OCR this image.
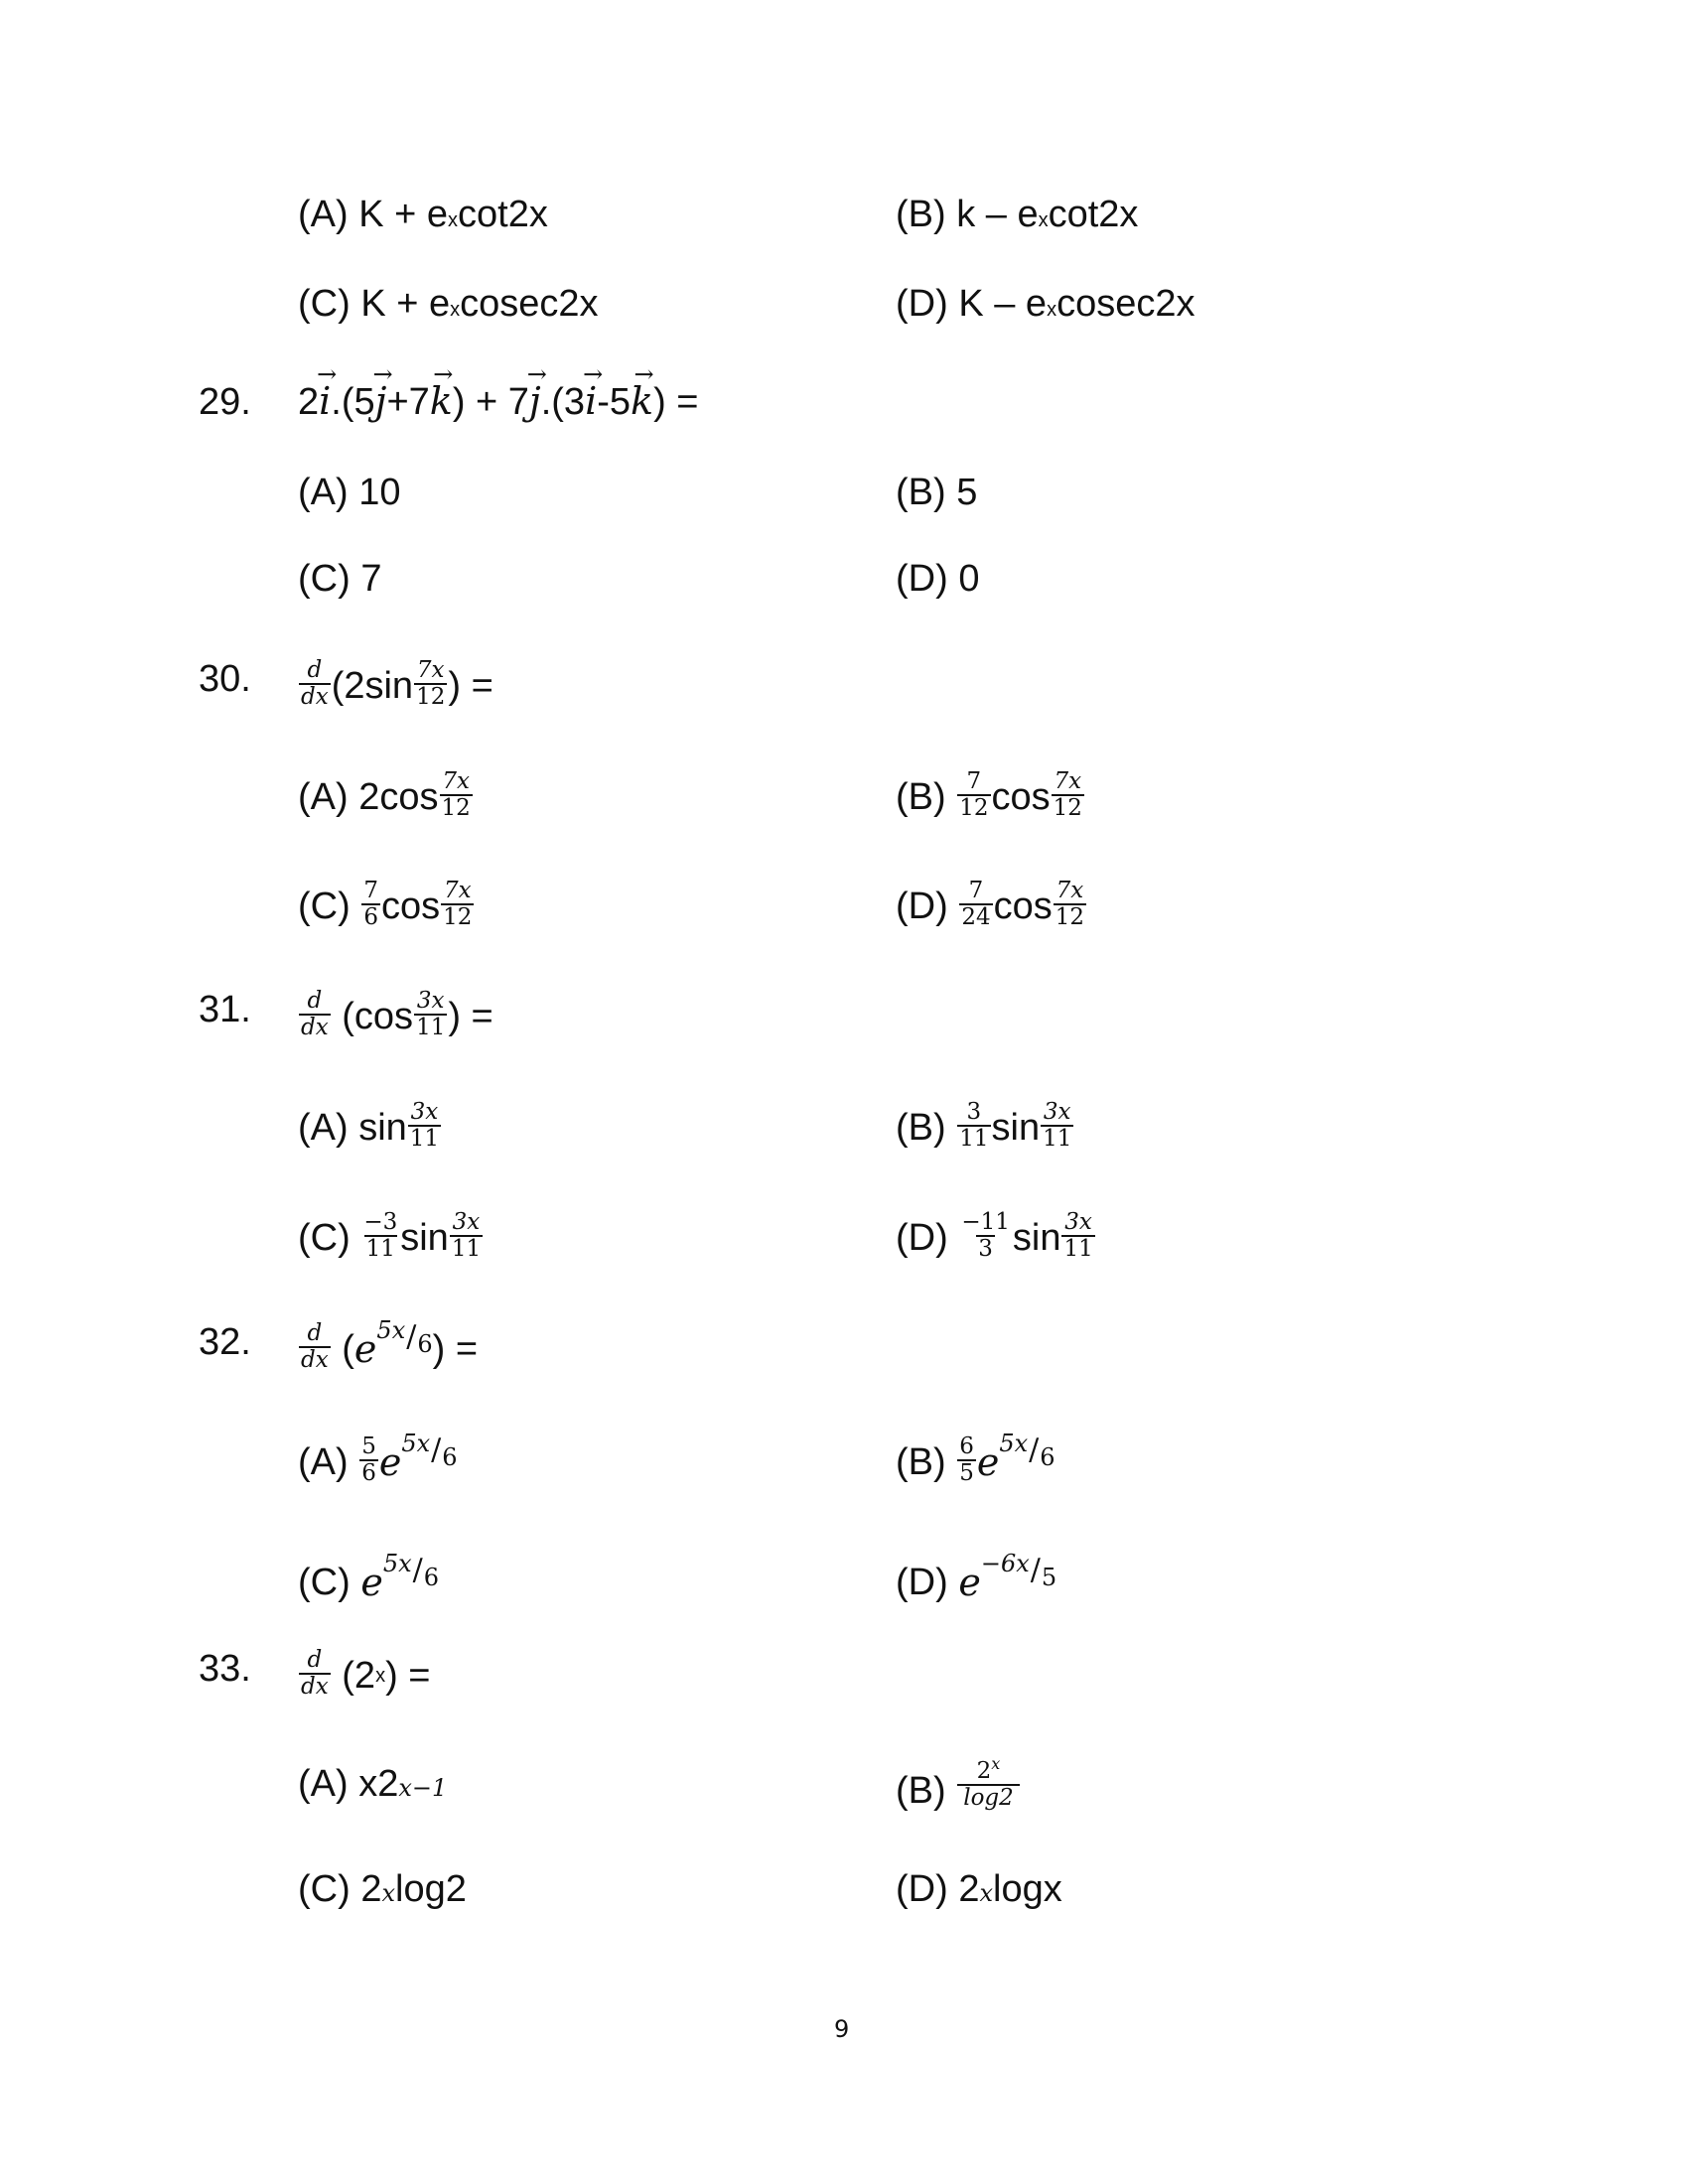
(A)
K + e x cot2x	(B)
k – e x cot2x
(C)
K + e x cosec2x	(D)
K – e x cosec2x
29. 2 → i .(5 → j +7 → k ) + 7 → j .(3 → i -5 → k ) =
(A)
10	(B)
5
(C)
7	(D)
0
30. $\frac{d}{dx} (2\sin \frac{7x}{12}$ ) =
(A)
$2\cos \frac{7x}{12}$	(B)
$\frac{7}{12}$ $\cos \frac{7x}{12}$
(C)
$\frac{7}{6}$ $\cos \frac{7x}{12}$	(D)
$\frac{7}{24}$ $\cos \frac{7x}{12}$
31. $\frac{d}{dx} (\cos \frac{3x}{11}$ ) =
(A)
$\sin \frac{3x}{11}$	(B)
$\frac{3}{11}$ $\sin \frac{3x}{11}$
(C)
$\frac{-3}{11}$ $\sin \frac{3x}{11}$	(D)
$\frac{-11}{3}$ $\sin \frac{3x}{11}$
32. $\frac{d}{dx}$ ( e 5x / 6 ) =
(A)
$\frac{5}{6}$ e 5x / 6	(B)
$\frac{6}{5}$ e 5x / 6
(C)
e 5x / 6	(D)
e −6x / 5
33. $\frac{d}{dx} (2$ x ) =
(A)
x2 x−1	(B)
$\frac{2^x}{\log 2}$
(C)
2 x log2	(D)
2 x logx
9
